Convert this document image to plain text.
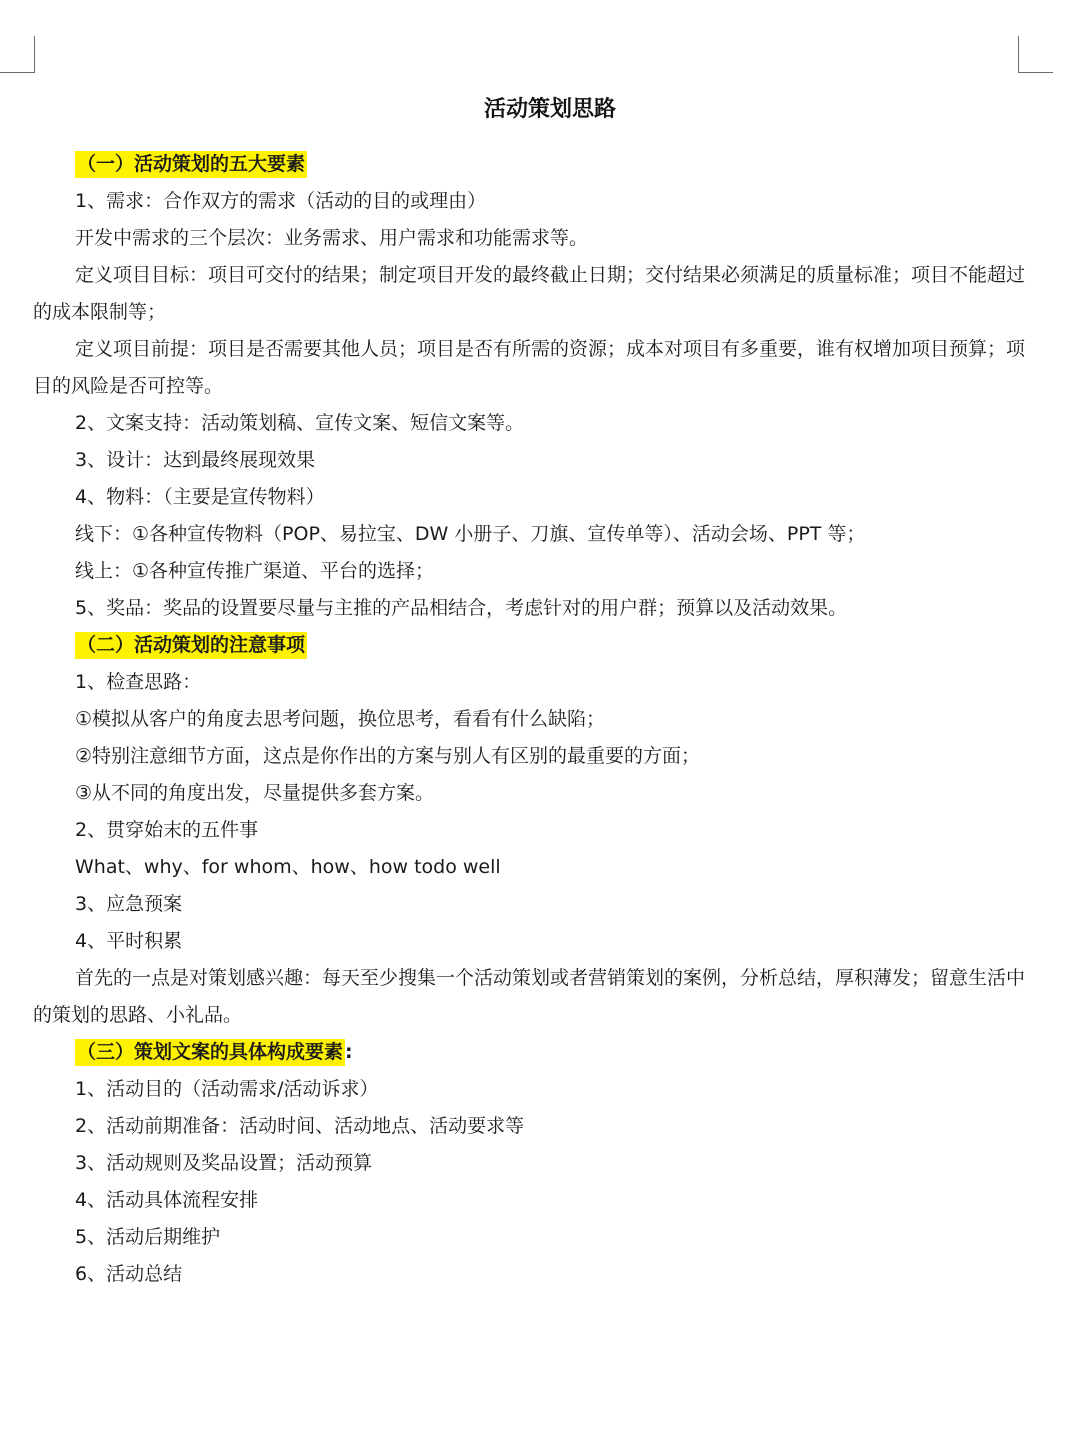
活动策划思路
（一）活动策划的五大要素
1、需求：合作双方的需求（活动的目的或理由）
开发中需求的三个层次：业务需求、用户需求和功能需求等。
定义项目目标：项目可交付的结果；制定项目开发的最终截止日期；交付结果必须满足的质量标准；项目不能超过的成本限制等；
定义项目前提：项目是否需要其他人员；项目是否有所需的资源；成本对项目有多重要，谁有权增加项目预算；项目的风险是否可控等。
2、文案支持：活动策划稿、宣传文案、短信文案等。
3、设计：达到最终展现效果
4、物料：（主要是宣传物料）
线下：①各种宣传物料（POP、易拉宝、DW 小册子、刀旗、宣传单等）、活动会场、PPT 等；
线上：①各种宣传推广渠道、平台的选择；
5、奖品：奖品的设置要尽量与主推的产品相结合，考虑针对的用户群；预算以及活动效果。
（二）活动策划的注意事项
1、检查思路：
①模拟从客户的角度去思考问题，换位思考，看看有什么缺陷；
②特别注意细节方面，这点是你作出的方案与别人有区别的最重要的方面；
③从不同的角度出发，尽量提供多套方案。
2、贯穿始末的五件事
What、why、for whom、how、how todo well
3、应急预案
4、平时积累
首先的一点是对策划感兴趣：每天至少搜集一个活动策划或者营销策划的案例，分析总结，厚积薄发；留意生活中的策划的思路、小礼品。
（三）策划文案的具体构成要素 :
1、活动目的（活动需求/活动诉求）
2、活动前期准备：活动时间、活动地点、活动要求等
3、活动规则及奖品设置；活动预算
4、活动具体流程安排
5、活动后期维护
6、活动总结
